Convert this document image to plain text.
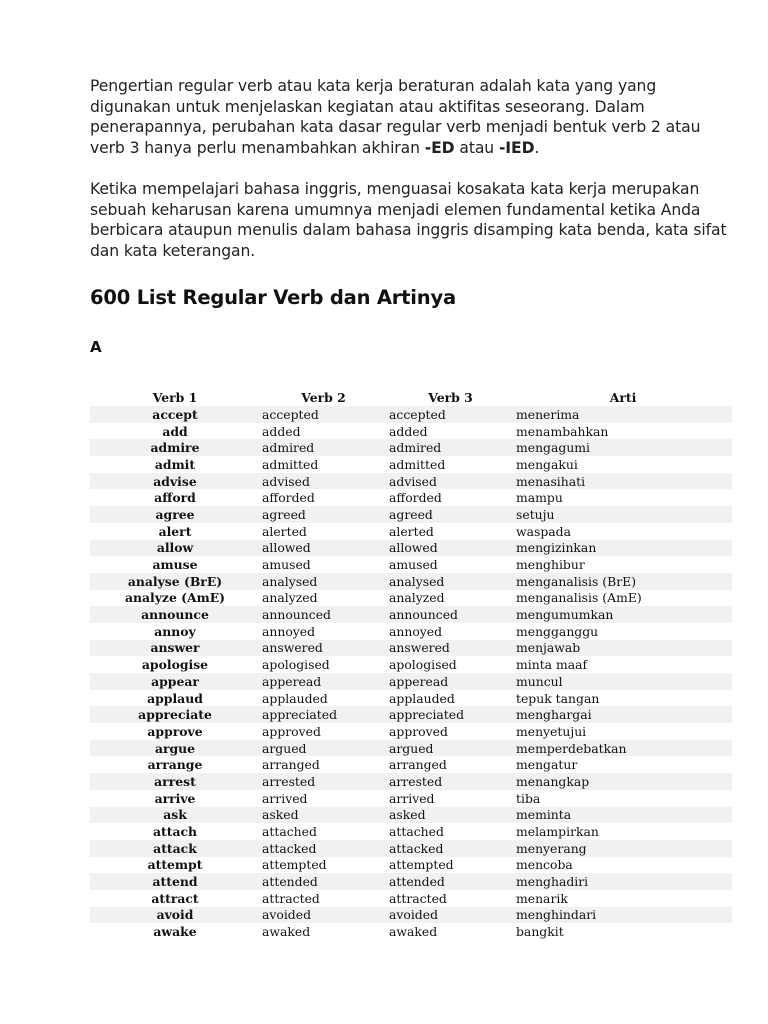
Pengertian regular verb atau kata kerja beraturan adalah kata yang yang digunakan untuk menjelaskan kegiatan atau aktifitas seseorang. Dalam penerapannya, perubahan kata dasar regular verb menjadi bentuk verb 2 atau verb 3 hanya perlu menambahkan akhiran -ED atau -IED.

Ketika mempelajari bahasa inggris, menguasai kosakata kata kerja merupakan sebuah keharusan karena umumnya menjadi elemen fundamental ketika Anda berbicara ataupun menulis dalam bahasa inggris disamping kata benda, kata sifat dan kata keterangan.

600 List Regular Verb dan Artinya
A
Verb 1	Verb 2	Verb 3	Arti
accept	accepted	accepted	menerima
add	added	added	menambahkan
admire	admired	admired	mengagumi
admit	admitted	admitted	mengakui
advise	advised	advised	menasihati
afford	afforded	afforded	mampu
agree	agreed	agreed	setuju
alert	alerted	alerted	waspada
allow	allowed	allowed	mengizinkan
amuse	amused	amused	menghibur
analyse (BrE)	analysed	analysed	menganalisis (BrE)
analyze (AmE)	analyzed	analyzed	menganalisis (AmE)
announce	announced	announced	mengumumkan
annoy	annoyed	annoyed	mengganggu
answer	answered	answered	menjawab
apologise	apologised	apologised	minta maaf
appear	apperead	apperead	muncul
applaud	applauded	applauded	tepuk tangan
appreciate	appreciated	appreciated	menghargai
approve	approved	approved	menyetujui
argue	argued	argued	memperdebatkan
arrange	arranged	arranged	mengatur
arrest	arrested	arrested	menangkap
arrive	arrived	arrived	tiba
ask	asked	asked	meminta
attach	attached	attached	melampirkan
attack	attacked	attacked	menyerang
attempt	attempted	attempted	mencoba
attend	attended	attended	menghadiri
attract	attracted	attracted	menarik
avoid	avoided	avoided	menghindari
awake	awaked	awaked	bangkit
